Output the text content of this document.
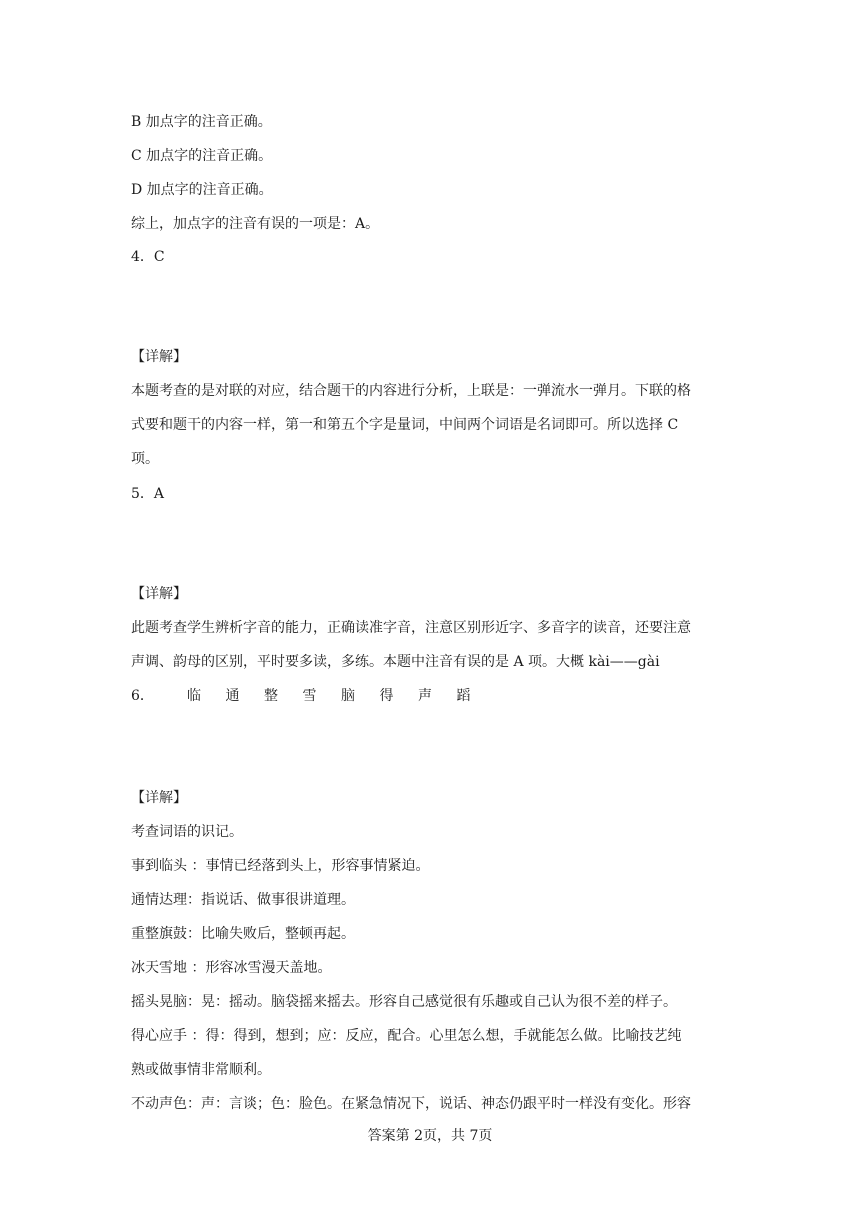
B 加点字的注音正确。
C 加点字的注音正确。
D 加点字的注音正确。
综上，加点字的注音有误的一项是：A。
4．C
【详解】
本题考查的是对联的对应，结合题干的内容进行分析，上联是：一弹流水一弹月。下联的格
式要和题干的内容一样，第一和第五个字是量词，中间两个词语是名词即可。所以选择 C
项。
5．A
【详解】
此题考查学生辨析字音的能力，正确读准字音，注意区别形近字、多音字的读音，还要注意
声调、韵母的区别，平时要多读，多练。本题中注音有误的是 A 项。大概 kài——gài
6．	临	通	整	雪	脑	得	声	蹈
【详解】
考查词语的识记。
事到临头 ：事情已经落到头上，形容事情紧迫。
通情达理：指说话、做事很讲道理。
重整旗鼓：比喻失败后，整顿再起。
冰天雪地 ：形容冰雪漫天盖地。
摇头晃脑：晃：摇动。脑袋摇来摇去。形容自己感觉很有乐趣或自己认为很不差的样子。
得心应手 ：得：得到，想到；应：反应，配合。心里怎么想，手就能怎么做。比喻技艺纯
熟或做事情非常顺利。
不动声色：声：言谈；色：脸色。在紧急情况下，说话、神态仍跟平时一样没有变化。形容
答案第 2页，共 7页
